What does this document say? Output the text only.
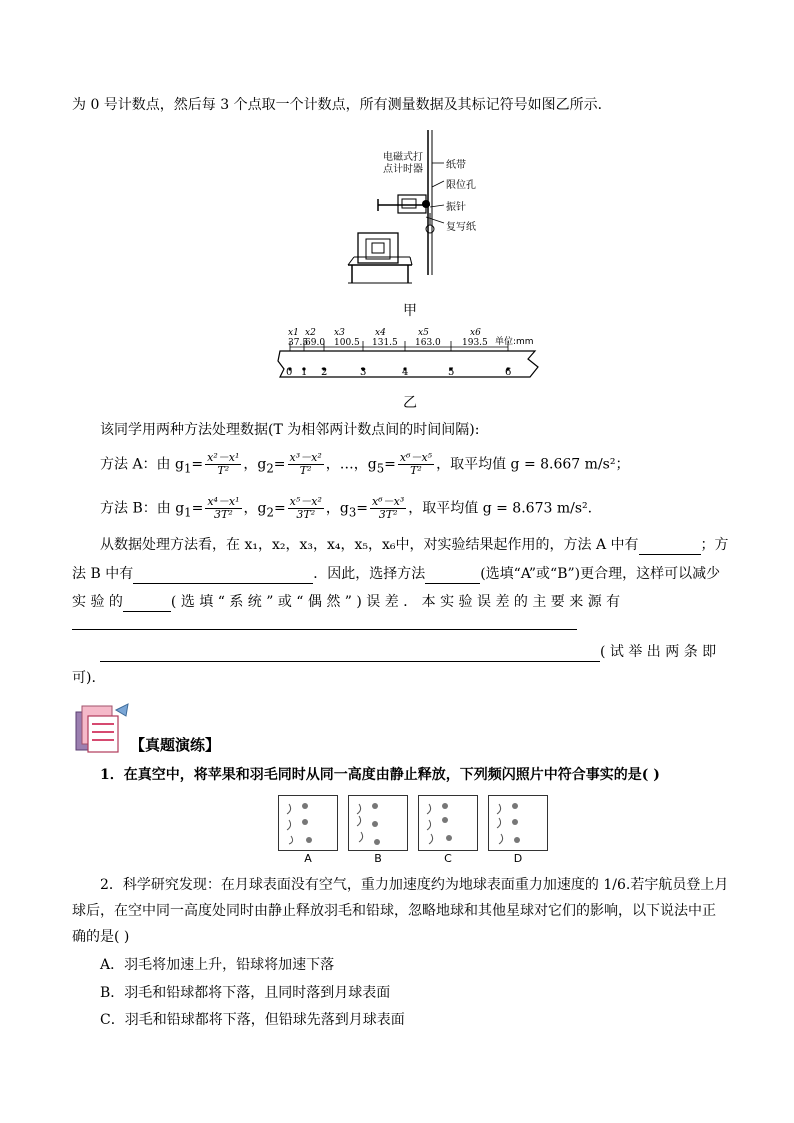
为 0 号计数点，然后每 3 个点取一个计数点，所有测量数据及其标记符号如图乙所示．
电磁式打
点计时器 纸带
限位孔
振针
复写纸
甲
x1 x2 x3	x4	x5	x6
37.5
69.0 100.5 131.5 163.0 193.5 单位:mm
0 1 2	3	4	5	6
乙
该同学用两种方法处理数据(T 为相邻两计数点间的时间间隔):
方法 A：由 $g_1= \frac{\text{x²－x¹}}{\text{T²}}$ ，$g_2= \frac{\text{x³－x²}}{\text{T²}}$ ，…，$g_5= \frac{\text{x⁶－x⁵}}{\text{T²}}$ ，取平均值 g = 8.667 m/s²；
方法 B：由 $g_1= \frac{\text{x⁴－x¹}}{\text{3T²}}$ ，$g_2= \frac{\text{x⁵－x²}}{\text{3T²}}$ ，$g_3= \frac{\text{x⁶－x³}}{\text{3T²}}$ ，取平均值 g = 8.673 m/s².
从数据处理方法看，在 x₁，x₂，x₃，x₄，x₅，x₆中，对实验结果起作用的，方法 A 中有	；方
法 B 中有	．因此，选择方法	(选填“A”或“B”)更合理，这样可以减少
实 验 的	( 选 填 “ 系 统 ” 或 “ 偶 然 ” ) 误 差 ． 本 实 验 误 差 的 主 要 来 源 有
( 试 举 出 两 条 即
可).
【真题演练】
1．在真空中，将苹果和羽毛同时从同一高度由静止释放，下列频闪照片中符合事实的是( )
A	B	C	D
2．科学研究发现：在月球表面没有空气，重力加速度约为地球表面重力加速度的 1/6.若宇航员登上月
球后，在空中同一高度处同时由静止释放羽毛和铅球，忽略地球和其他星球对它们的影响，以下说法中正
确的是( )
A．羽毛将加速上升，铅球将加速下落
B．羽毛和铅球都将下落，且同时落到月球表面
C．羽毛和铅球都将下落，但铅球先落到月球表面
